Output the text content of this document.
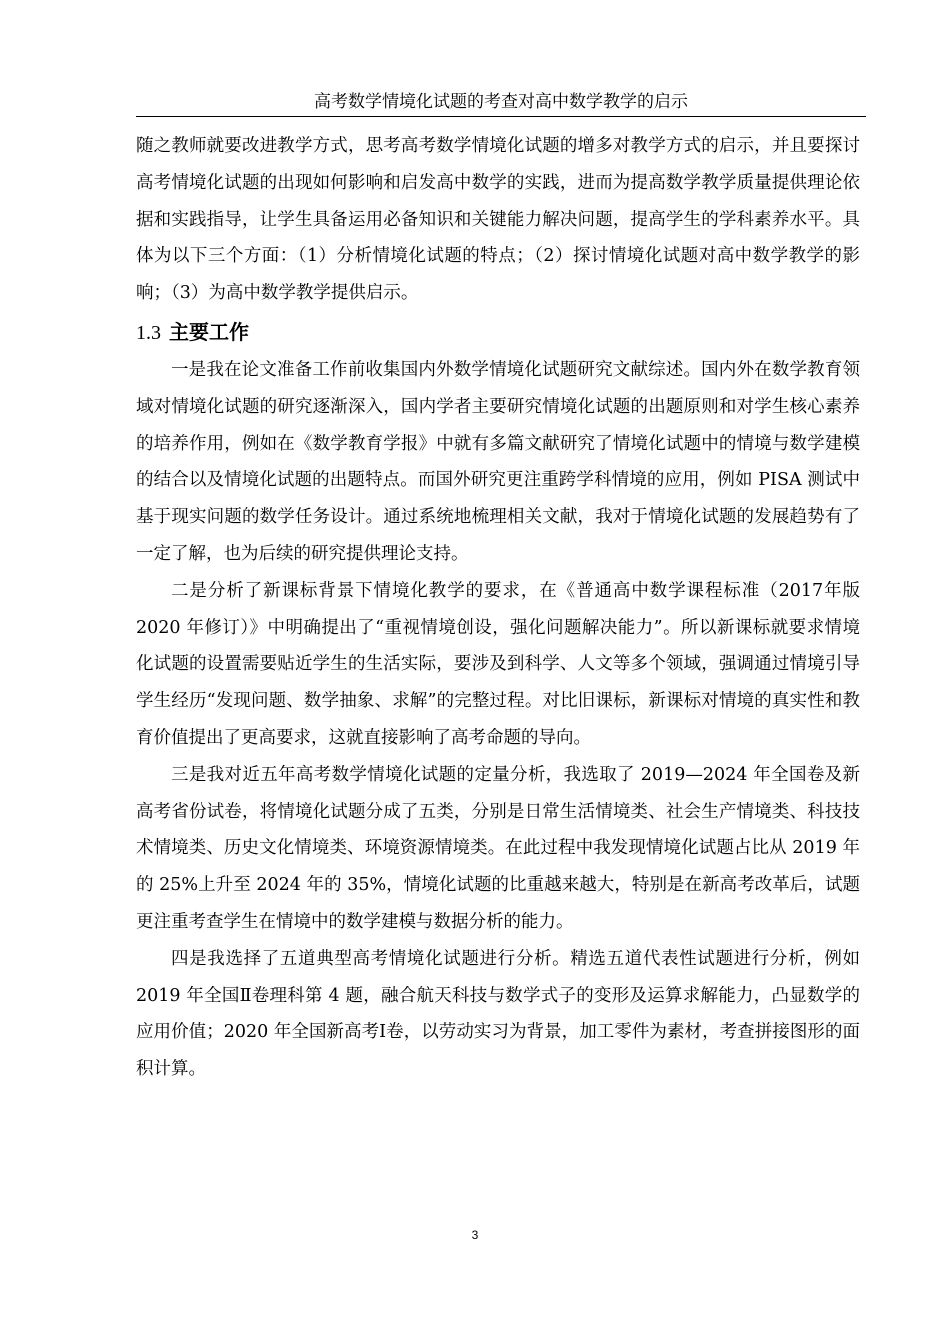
高考数学情境化试题的考查对高中数学教学的启示

随之教师就要改进教学方式，思考高考数学情境化试题的增多对教学方式的启示，并且要探讨高考情境化试题的出现如何影响和启发高中数学的实践，进而为提高数学教学质量提供理论依据和实践指导，让学生具备运用必备知识和关键能力解决问题，提高学生的学科素养水平。具体为以下三个方面：（1）分析情境化试题的特点；（2）探讨情境化试题对高中数学教学的影响；（3）为高中数学教学提供启示。

1.3 主要工作

一是我在论文准备工作前收集国内外数学情境化试题研究文献综述。国内外在数学教育领域对情境化试题的研究逐渐深入，国内学者主要研究情境化试题的出题原则和对学生核心素养的培养作用，例如在《数学教育学报》中就有多篇文献研究了情境化试题中的情境与数学建模的结合以及情境化试题的出题特点。而国外研究更注重跨学科情境的应用，例如 PISA 测试中基于现实问题的数学任务设计。通过系统地梳理相关文献，我对于情境化试题的发展趋势有了一定了解，也为后续的研究提供理论支持。

二是分析了新课标背景下情境化教学的要求，在《普通高中数学课程标准（2017年版 2020 年修订）》中明确提出了“重视情境创设，强化问题解决能力”。所以新课标就要求情境化试题的设置需要贴近学生的生活实际，要涉及到科学、人文等多个领域，强调通过情境引导学生经历“发现问题、数学抽象、求解”的完整过程。对比旧课标，新课标对情境的真实性和教育价值提出了更高要求，这就直接影响了高考命题的导向。

三是我对近五年高考数学情境化试题的定量分析，我选取了 2019—2024 年全国卷及新高考省份试卷，将情境化试题分成了五类，分别是日常生活情境类、社会生产情境类、科技技术情境类、历史文化情境类、环境资源情境类。在此过程中我发现情境化试题占比从 2019 年的 25%上升至 2024 年的 35%，情境化试题的比重越来越大，特别是在新高考改革后，试题更注重考查学生在情境中的数学建模与数据分析的能力。

四是我选择了五道典型高考情境化试题进行分析。精选五道代表性试题进行分析，例如 2019 年全国Ⅱ卷理科第 4 题，融合航天科技与数学式子的变形及运算求解能力，凸显数学的应用价值；2020 年全国新高考Ⅰ卷，以劳动实习为背景，加工零件为素材，考查拼接图形的面积计算。

3
